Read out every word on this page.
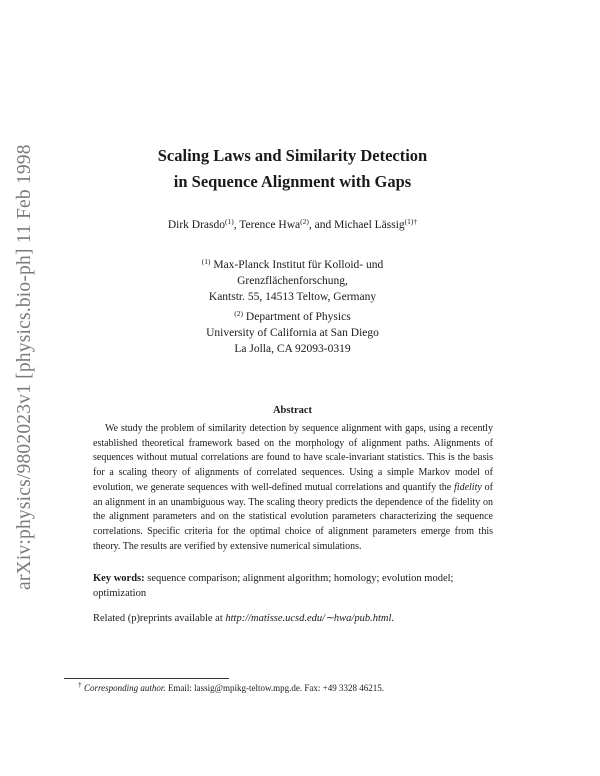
arXiv:physics/9802023v1 [physics.bio-ph] 11 Feb 1998	Scaling Laws and Similarity Detection
in Sequence Alignment with Gaps
Dirk Drasdo$^{(1)}$, Terence Hwa$^{(2)}$, and Michael Lässig$^{(1)\dagger}$
$^{(1)}$ Max-Planck Institut für Kolloid- und
Grenzflächenforschung,
Kantstr. 55, 14513 Teltow, Germany
$^{(2)}$ Department of Physics
University of California at San Diego
La Jolla, CA 92093-0319
Abstract

We study the problem of similarity detection by sequence alignment with gaps, using a recently established theoretical framework based on the morphology of alignment paths. Alignments of sequences without mutual correlations are found to have scale-invariant statistics. This is the basis for a scaling theory of alignments of correlated sequences. Using a simple Markov model of evolution, we generate sequences with well-defined mutual correlations and quantify the fidelity of an alignment in an unambiguous way. The scaling theory predicts the dependence of the fidelity on the alignment parameters and on the statistical evolution parameters characterizing the sequence correlations. Specific criteria for the optimal choice of alignment parameters emerge from this theory. The results are verified by extensive numerical simulations.

Key words: sequence comparison; alignment algorithm; homology; evolution model; optimization

Related (p)reprints available at http://matisse.ucsd.edu/∼hwa/pub.html.

† Corresponding author. Email: lassig@mpikg-teltow.mpg.de. Fax: +49 3328 46215.
